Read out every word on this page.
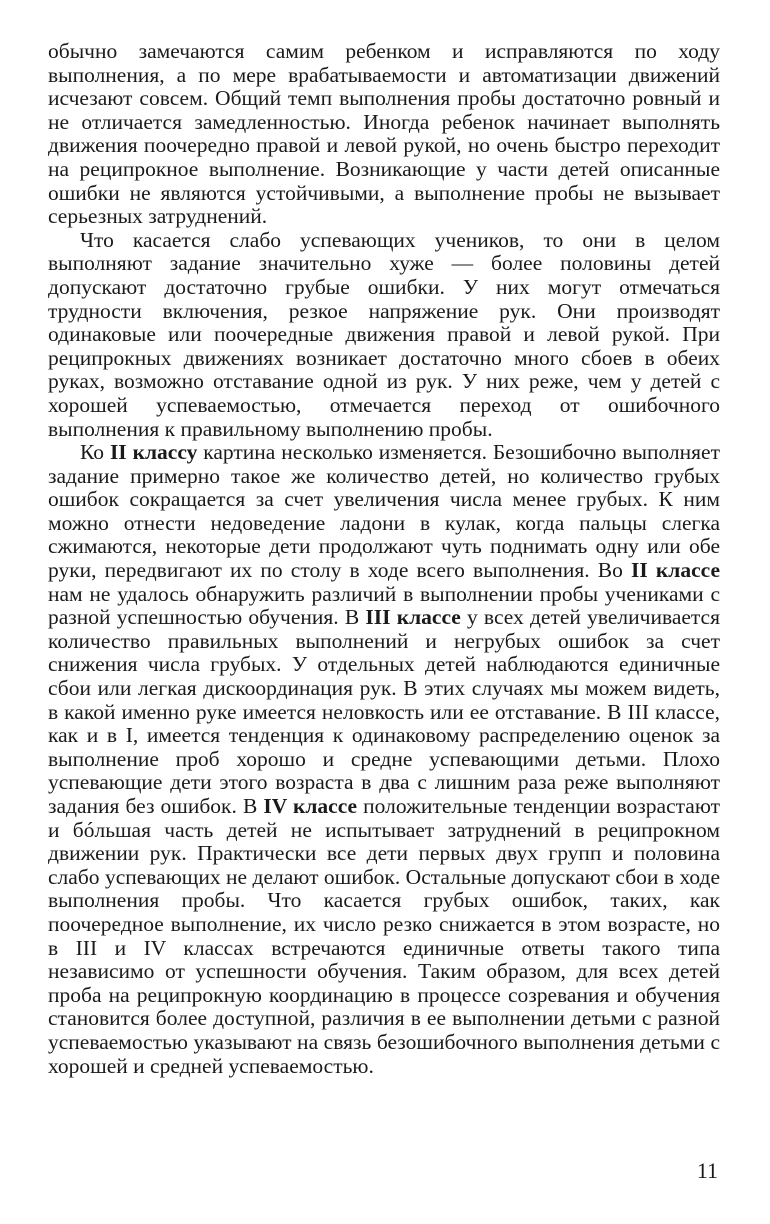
обычно замечаются самим ребенком и исправляются по ходу выполнения, а по мере врабатываемости и автоматизации движений исчезают совсем. Общий темп выполнения пробы достаточно ровный и не отличается замедленностью. Иногда ребенок начинает выполнять движения поочередно правой и левой рукой, но очень быстро переходит на реципрокное выполнение. Возникающие у части детей описанные ошибки не являются устойчивыми, а выполнение пробы не вызывает серьезных затруднений.

Что касается слабо успевающих учеников, то они в целом выполняют задание значительно хуже — более половины детей допускают достаточно грубые ошибки. У них могут отмечаться трудности включения, резкое напряжение рук. Они производят одинаковые или поочередные движения правой и левой рукой. При реципрокных движениях возникает достаточно много сбоев в обеих руках, возможно отставание одной из рук. У них реже, чем у детей с хорошей успеваемостью, отмечается переход от ошибочного выполнения к правильному выполнению пробы.

Ко II классу картина несколько изменяется. Безошибочно выполняет задание примерно такое же количество детей, но количество грубых ошибок сокращается за счет увеличения числа менее грубых. К ним можно отнести недоведение ладони в кулак, когда пальцы слегка сжимаются, некоторые дети продолжают чуть поднимать одну или обе руки, передвигают их по столу в ходе всего выполнения. Во II классе нам не удалось обнаружить различий в выполнении пробы учениками с разной успешностью обучения. В III классе у всех детей увеличивается количество правильных выполнений и негрубых ошибок за счет снижения числа грубых. У отдельных детей наблюдаются единичные сбои или легкая дискоординация рук. В этих случаях мы можем видеть, в какой именно руке имеется неловкость или ее отставание. В III классе, как и в I, имеется тенденция к одинаковому распределению оценок за выполнение проб хорошо и средне успевающими детьми. Плохо успевающие дети этого возраста в два с лишним раза реже выполняют задания без ошибок. В IV классе положительные тенденции возрастают и бóльшая часть детей не испытывает затруднений в реципрокном движении рук. Практически все дети первых двух групп и половина слабо успевающих не делают ошибок. Остальные допускают сбои в ходе выполнения пробы. Что касается грубых ошибок, таких, как поочередное выполнение, их число резко снижается в этом возрасте, но в III и IV классах встречаются единичные ответы такого типа независимо от успешности обучения. Таким образом, для всех детей проба на реципрокную координацию в процессе созревания и обучения становится более доступной, различия в ее выполнении детьми с разной успеваемостью указывают на связь безошибочного выполнения детьми с хорошей и средней успеваемостью.

11
